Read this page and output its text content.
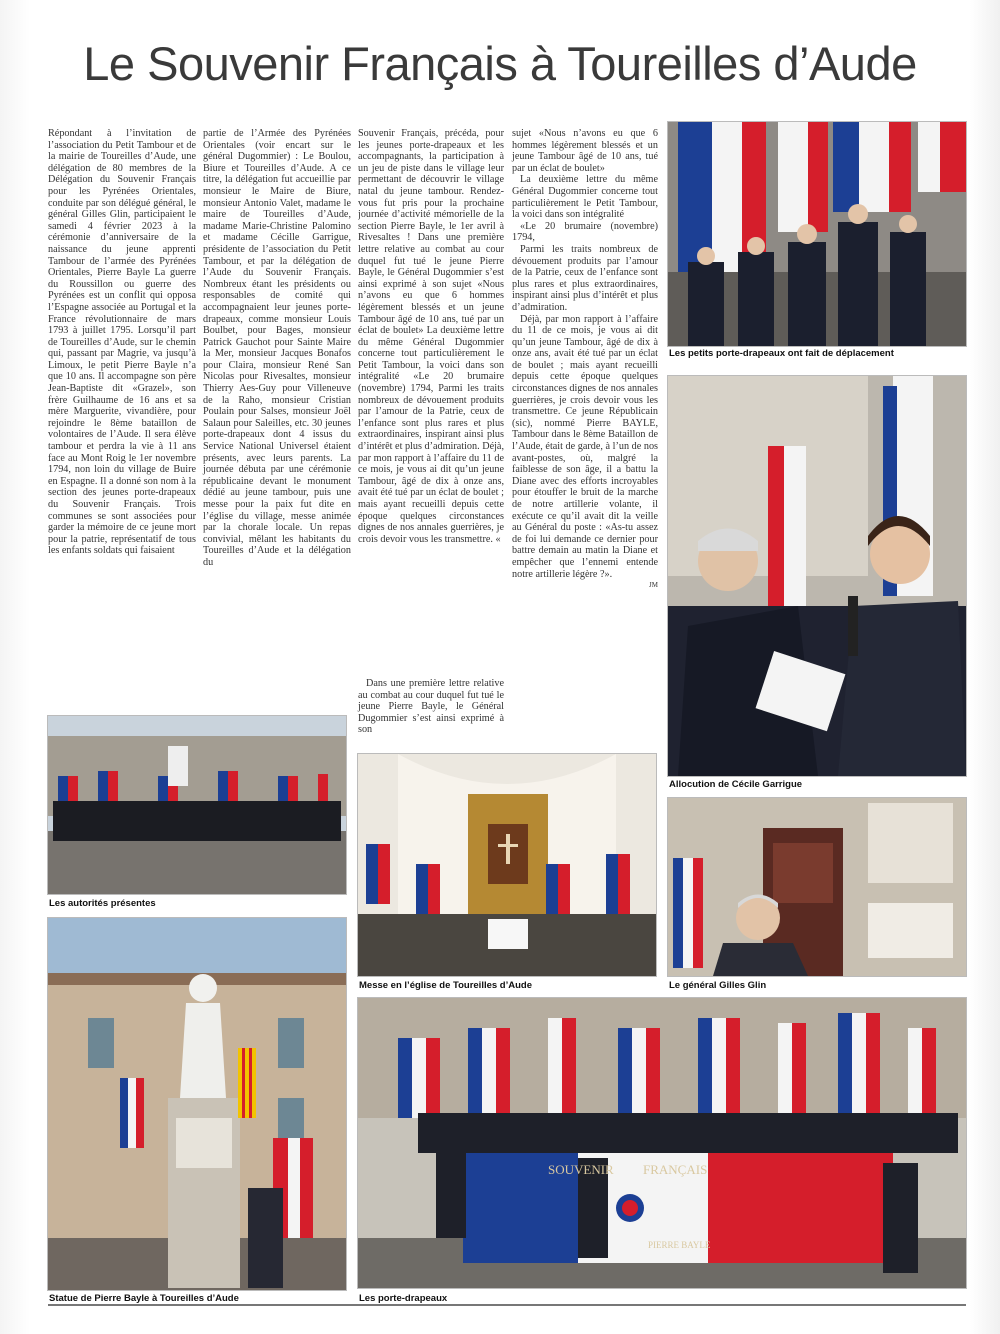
Le Souvenir Français à Toureilles d’Aude

Répondant à l’invitation de l’association du Petit Tambour et de la mairie de Toureilles d’Aude, une délégation de 80 membres de la Délégation du Souvenir Français pour les Pyrénées Orientales, conduite par son délégué général, le général Gilles Glin, participaient le samedi 4 février 2023 à la cérémonie d’anniversaire de la naissance du jeune apprenti Tambour de l’armée des Pyrénées Orientales, Pierre Bayle La guerre du Roussillon ou guerre des Pyrénées est un conflit qui opposa l’Espagne associée au Portugal et la France révolutionnaire de mars 1793 à juillet 1795. Lorsqu’il part de Toureilles d’Aude, sur le chemin qui, passant par Magrie, va jusqu’à Limoux, le petit Pierre Bayle n’a que 10 ans. Il accompagne son père Jean-Baptiste dit «Grazel», son frère Guilhaume de 16 ans et sa mère Marguerite, vivandière, pour rejoindre le 8ème bataillon de volontaires de l’Aude. Il sera élève tambour et perdra la vie à 11 ans face au Mont Roig le 1er novembre 1794, non loin du village de Buire en Espagne. Il a donné son nom à la section des jeunes porte-drapeaux du Souvenir Français. Trois communes se sont associées pour garder la mémoire de ce jeune mort pour la patrie, représentatif de tous les enfants soldats qui faisaient

partie de l’Armée des Pyrénées Orientales (voir encart sur le général Dugommier) : Le Boulou, Biure et Toureilles d’Aude. A ce titre, la délégation fut accueillie par monsieur le Maire de Biure, monsieur Antonio Valet, madame le maire de Toureilles d’Aude, madame Marie-Christine Palomino et madame Cécille Garrigue, présidente de l’association du Petit Tambour, et par la délégation de l’Aude du Souvenir Français. Nombreux étant les présidents ou responsables de comité qui accompagnaient leur jeunes porte-drapeaux, comme monsieur Louis Boulbet, pour Bages, monsieur Patrick Gauchot pour Sainte Maire la Mer, monsieur Jacques Bonafos pour Claira, monsieur René San Nicolas pour Rivesaltes, monsieur Thierry Aes-Guy pour Villeneuve de la Raho, monsieur Cristian Poulain pour Salses, monsieur Joël Salaun pour Saleilles, etc. 30 jeunes porte-drapeaux dont 4 issus du Service National Universel étaient présents, avec leurs parents. La journée débuta par une cérémonie républicaine devant le monument dédié au jeune tambour, puis une messe pour la paix fut dite en l’église du village, messe animée par la chorale locale. Un repas convivial, mêlant les habitants du Toureilles d’Aude et la délégation du

Souvenir Français, précéda, pour les jeunes porte-drapeaux et les accompagnants, la participation à un jeu de piste dans le village leur permettant de découvrir le village natal du jeune tambour. Rendez-vous fut pris pour la prochaine journée d’activité mémorielle de la section Pierre Bayle, le 1er avril à Rivesaltes ! Dans une première lettre relative au combat au cour duquel fut tué le jeune Pierre Bayle, le Général Dugommier s’est ainsi exprimé à son sujet «Nous n’avons eu que 6 hommes légèrement blessés et un jeune Tambour âgé de 10 ans, tué par un éclat de boulet» La deuxième lettre du même Général Dugommier concerne tout particulièrement le Petit Tambour, la voici dans son intégralité «Le 20 brumaire (novembre) 1794, Parmi les traits nombreux de dévouement produits par l’amour de la Patrie, ceux de l’enfance sont plus rares et plus extraordinaires, inspirant ainsi plus d’intérêt et plus d’admiration. Déjà, par mon rapport à l’affaire du 11 de ce mois, je vous ai dit qu’un jeune Tambour, âgé de dix à onze ans, avait été tué par un éclat de boulet ; mais ayant recueilli depuis cette époque quelques circonstances dignes de nos annales guerrières, je crois devoir vous les transmettre. «

Dans une première lettre relative au combat au cour duquel fut tué le jeune Pierre Bayle, le Général Dugommier s’est ainsi exprimé à son

sujet «Nous n’avons eu que 6 hommes légèrement blessés et un jeune Tambour âgé de 10 ans, tué par un éclat de boulet»

La deuxième lettre du même Général Dugommier concerne tout particulièrement le Petit Tambour, la voici dans son intégralité

«Le 20 brumaire (novembre) 1794,

Parmi les traits nombreux de dévouement produits par l’amour de la Patrie, ceux de l’enfance sont plus rares et plus extraordinaires, inspirant ainsi plus d’intérêt et plus d’admiration.

Déjà, par mon rapport à l’affaire du 11 de ce mois, je vous ai dit qu’un jeune Tambour, âgé de dix à onze ans, avait été tué par un éclat de boulet ; mais ayant recueilli depuis cette époque quelques circonstances dignes de nos annales guerrières, je crois devoir vous les transmettre. Ce jeune Républicain (sic), nommé Pierre BAYLE, Tambour dans le 8ème Bataillon de l’Aude, était de garde, à l’un de nos avant-postes, où, malgré la faiblesse de son âge, il a battu la Diane avec des efforts incroyables pour étouffer le bruit de la marche de notre artillerie volante, il exécute ce qu’il avait dit la veille au Général du poste : «As-tu assez de foi lui demande ce dernier pour battre demain au matin la Diane et empêcher que l’ennemi entende notre artillerie légère ?».

JM

Les petits porte-drapeaux ont fait de déplacement
Allocution de Cécile Garrigue
Les autorités présentes
Statue de Pierre Bayle à Toureilles d’Aude
Messe en l’église de Toureilles d’Aude	Le général Gilles Glin
SOUVENIR FRANÇAIS
PIERRE BAYLE
Les porte-drapeaux
